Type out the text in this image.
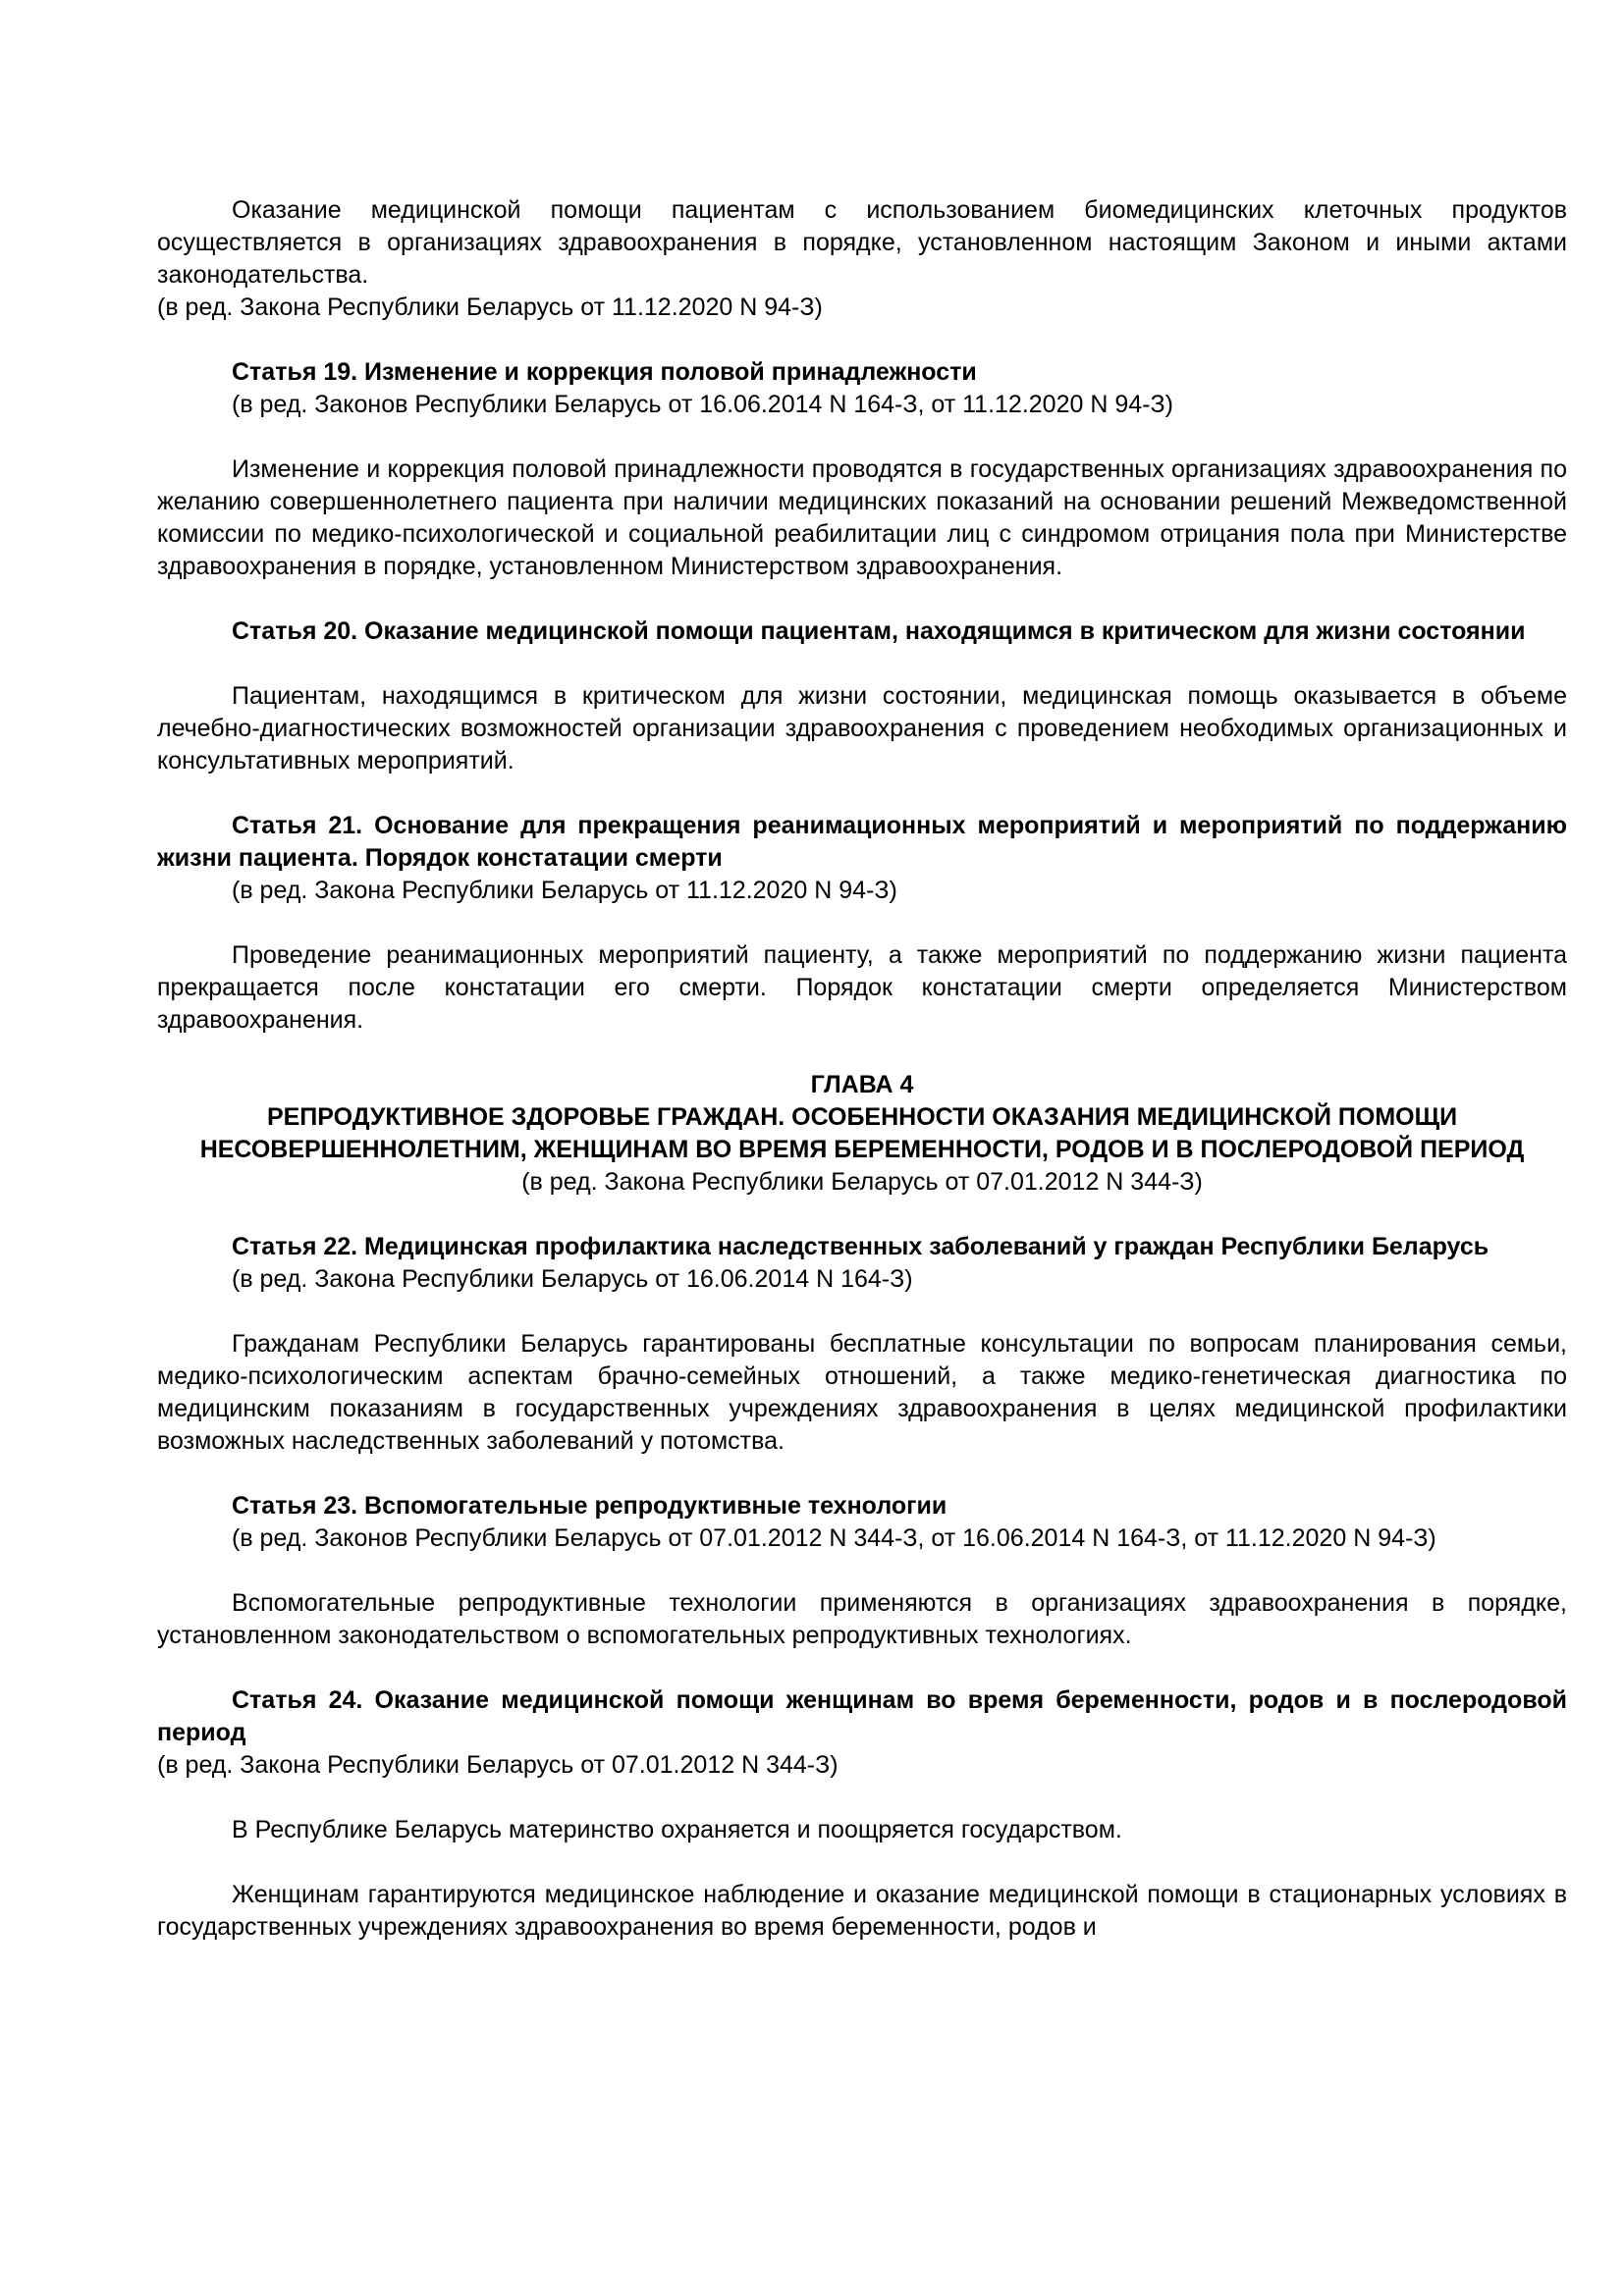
Оказание медицинской помощи пациентам с использованием биомедицинских клеточных продуктов осуществляется в организациях здравоохранения в порядке, установленном настоящим Законом и иными актами законодательства.

(в ред. Закона Республики Беларусь от 11.12.2020 N 94-З)

Статья 19. Изменение и коррекция половой принадлежности

(в ред. Законов Республики Беларусь от 16.06.2014 N 164-З, от 11.12.2020 N 94-З)

Изменение и коррекция половой принадлежности проводятся в государственных организациях здравоохранения по желанию совершеннолетнего пациента при наличии медицинских показаний на основании решений Межведомственной комиссии по медико-психологической и социальной реабилитации лиц с синдромом отрицания пола при Министерстве здравоохранения в порядке, установленном Министерством здравоохранения.

Статья 20. Оказание медицинской помощи пациентам, находящимся в критическом для жизни состоянии

Пациентам, находящимся в критическом для жизни состоянии, медицинская помощь оказывается в объеме лечебно-диагностических возможностей организации здравоохранения с проведением необходимых организационных и консультативных мероприятий.

Статья 21. Основание для прекращения реанимационных мероприятий и мероприятий по поддержанию жизни пациента. Порядок констатации смерти

(в ред. Закона Республики Беларусь от 11.12.2020 N 94-З)

Проведение реанимационных мероприятий пациенту, а также мероприятий по поддержанию жизни пациента прекращается после констатации его смерти. Порядок констатации смерти определяется Министерством здравоохранения.

ГЛАВА 4

РЕПРОДУКТИВНОЕ ЗДОРОВЬЕ ГРАЖДАН. ОСОБЕННОСТИ ОКАЗАНИЯ МЕДИЦИНСКОЙ ПОМОЩИ НЕСОВЕРШЕННОЛЕТНИМ, ЖЕНЩИНАМ ВО ВРЕМЯ БЕРЕМЕННОСТИ, РОДОВ И В ПОСЛЕРОДОВОЙ ПЕРИОД

(в ред. Закона Республики Беларусь от 07.01.2012 N 344-З)

Статья 22. Медицинская профилактика наследственных заболеваний у граждан Республики Беларусь

(в ред. Закона Республики Беларусь от 16.06.2014 N 164-З)

Гражданам Республики Беларусь гарантированы бесплатные консультации по вопросам планирования семьи, медико-психологическим аспектам брачно-семейных отношений, а также медико-генетическая диагностика по медицинским показаниям в государственных учреждениях здравоохранения в целях медицинской профилактики возможных наследственных заболеваний у потомства.

Статья 23. Вспомогательные репродуктивные технологии

(в ред. Законов Республики Беларусь от 07.01.2012 N 344-З, от 16.06.2014 N 164-З, от 11.12.2020 N 94-З)

Вспомогательные репродуктивные технологии применяются в организациях здравоохранения в порядке, установленном законодательством о вспомогательных репродуктивных технологиях.

Статья 24. Оказание медицинской помощи женщинам во время беременности, родов и в послеродовой период

(в ред. Закона Республики Беларусь от 07.01.2012 N 344-З)

В Республике Беларусь материнство охраняется и поощряется государством.

Женщинам гарантируются медицинское наблюдение и оказание медицинской помощи в стационарных условиях в государственных учреждениях здравоохранения во время беременности, родов и
